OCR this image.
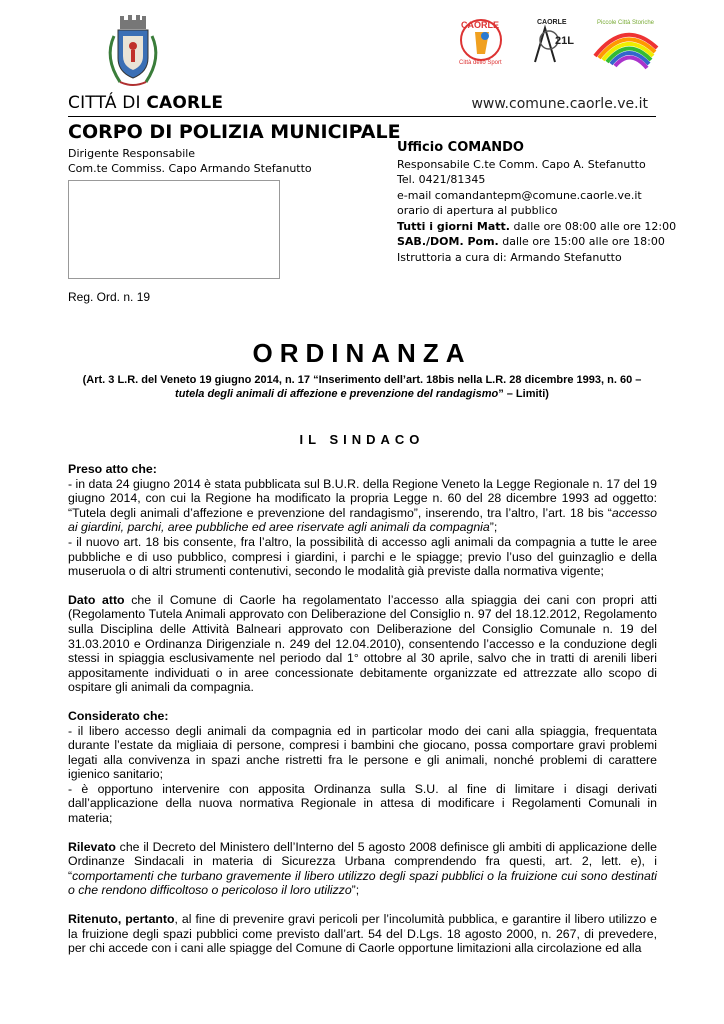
CAORLE
Città dello Sport
CAORLE
21L
Piccole Città Storiche
CITTÁ DI CAORLE	www.comune.caorle.ve.it
CORPO DI POLIZIA MUNICIPALE
Dirigente Responsabile
Com.te Commiss. Capo Armando Stefanutto
Ufficio COMANDO
Responsabile C.te Comm. Capo A. Stefanutto
Tel. 0421/81345
e-mail comandantepm@comune.caorle.ve.it
orario di apertura al pubblico
Tutti i giorni Matt. dalle ore 08:00 alle ore 12:00
SAB./DOM. Pom. dalle ore 15:00 alle ore 18:00
Istruttoria a cura di: Armando Stefanutto
Reg. Ord. n. 19
ORDINANZA
(Art. 3 L.R. del Veneto 19 giugno 2014, n. 17 “Inserimento dell’art. 18bis nella L.R. 28 dicembre 1993, n. 60 – tutela degli animali di affezione e prevenzione del randagismo” – Limiti)
IL SINDACO

Preso atto che:
- in data 24 giugno 2014 è stata pubblicata sul B.U.R. della Regione Veneto la Legge Regionale n. 17 del 19 giugno 2014, con cui la Regione ha modificato la propria Legge n. 60 del 28 dicembre 1993 ad oggetto: “Tutela degli animali d’affezione e prevenzione del randagismo”, inserendo, tra l’altro, l’art. 18 bis “accesso ai giardini, parchi, aree pubbliche ed aree riservate agli animali da compagnia”;
- il nuovo art. 18 bis consente, fra l’altro, la possibilità di accesso agli animali da compagnia a tutte le aree pubbliche e di uso pubblico, compresi i giardini, i parchi e le spiagge; previo l’uso del guinzaglio e della museruola o di altri strumenti contenutivi, secondo le modalità già previste dalla normativa vigente;

Dato atto che il Comune di Caorle ha regolamentato l’accesso alla spiaggia dei cani con propri atti (Regolamento Tutela Animali approvato con Deliberazione del Consiglio n. 97 del 18.12.2012, Regolamento sulla Disciplina delle Attività Balneari approvato con Deliberazione del Consiglio Comunale n. 19 del 31.03.2010 e Ordinanza Dirigenziale n. 249 del 12.04.2010), consentendo l’accesso e la conduzione degli stessi in spiaggia esclusivamente nel periodo dal 1° ottobre al 30 aprile, salvo che in tratti di arenili liberi appositamente individuati o in aree concessionate debitamente organizzate ed attrezzate allo scopo di ospitare gli animali da compagnia.

Considerato che:
- il libero accesso degli animali da compagnia ed in particolar modo dei cani alla spiaggia, frequentata durante l’estate da migliaia di persone, compresi i bambini che giocano, possa comportare gravi problemi legati alla convivenza in spazi anche ristretti fra le persone e gli animali, nonché problemi di carattere igienico sanitario;
- è opportuno intervenire con apposita Ordinanza sulla S.U. al fine di limitare i disagi derivati dall’applicazione della nuova normativa Regionale in attesa di modificare i Regolamenti Comunali in materia;

Rilevato che il Decreto del Ministero dell’Interno del 5 agosto 2008 definisce gli ambiti di applicazione delle Ordinanze Sindacali in materia di Sicurezza Urbana comprendendo fra questi, art. 2, lett. e), i “comportamenti che turbano gravemente il libero utilizzo degli spazi pubblici o la fruizione cui sono destinati o che rendono difficoltoso o pericoloso il loro utilizzo”;

Ritenuto, pertanto, al fine di prevenire gravi pericoli per l’incolumità pubblica, e garantire il libero utilizzo e la fruizione degli spazi pubblici come previsto dall’art. 54 del D.Lgs. 18 agosto 2000, n. 267, di prevedere, per chi accede con i cani alle spiagge del Comune di Caorle opportune limitazioni alla circolazione ed alla
